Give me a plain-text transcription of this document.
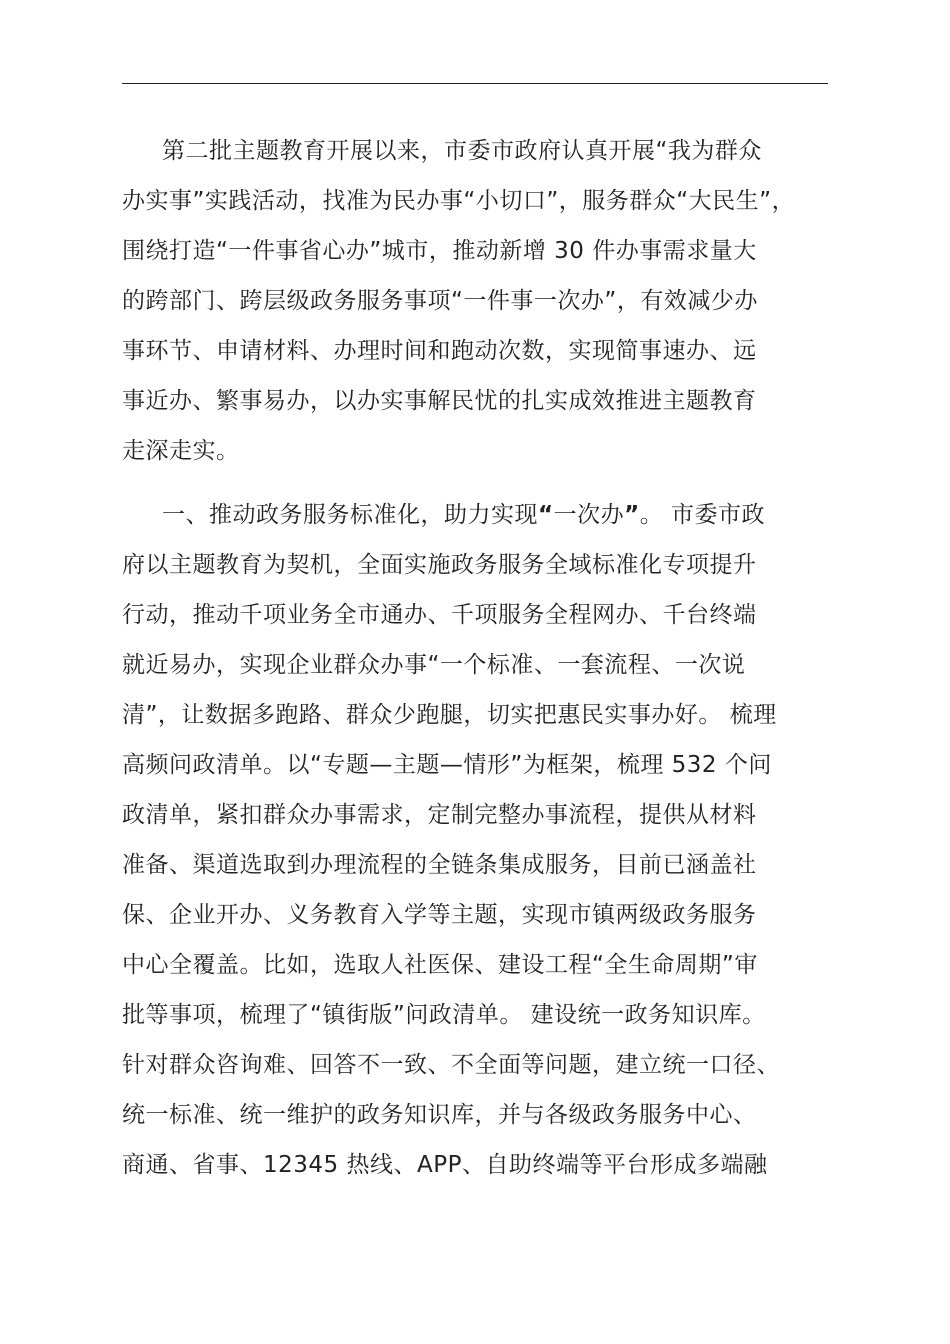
第二批主题教育开展以来，市委市政府认真开展“我为群众
办实事”实践活动，找准为民办事“小切口”，服务群众“大民生”，
围绕打造“一件事省心办”城市，推动新增 30 件办事需求量大
的跨部门、跨层级政务服务事项“一件事一次办”，有效减少办
事环节、申请材料、办理时间和跑动次数，实现简事速办、远
事近办、繁事易办，以办实事解民忧的扎实成效推进主题教育
走深走实。

一、推动政务服务标准化，助力实现“一次办”。 市委市政
府以主题教育为契机，全面实施政务服务全域标准化专项提升
行动，推动千项业务全市通办、千项服务全程网办、千台终端
就近易办，实现企业群众办事“一个标准、一套流程、一次说
清”，让数据多跑路、群众少跑腿，切实把惠民实事办好。 梳理
高频问政清单。以“专题—主题—情形”为框架，梳理 532 个问
政清单，紧扣群众办事需求，定制完整办事流程，提供从材料
准备、渠道选取到办理流程的全链条集成服务，目前已涵盖社
保、企业开办、义务教育入学等主题，实现市镇两级政务服务
中心全覆盖。比如，选取人社医保、建设工程“全生命周期”审
批等事项，梳理了“镇街版”问政清单。 建设统一政务知识库。
针对群众咨询难、回答不一致、不全面等问题，建立统一口径、
统一标准、统一维护的政务知识库，并与各级政务服务中心、
商通、省事、12345 热线、APP、自助终端等平台形成多端融
